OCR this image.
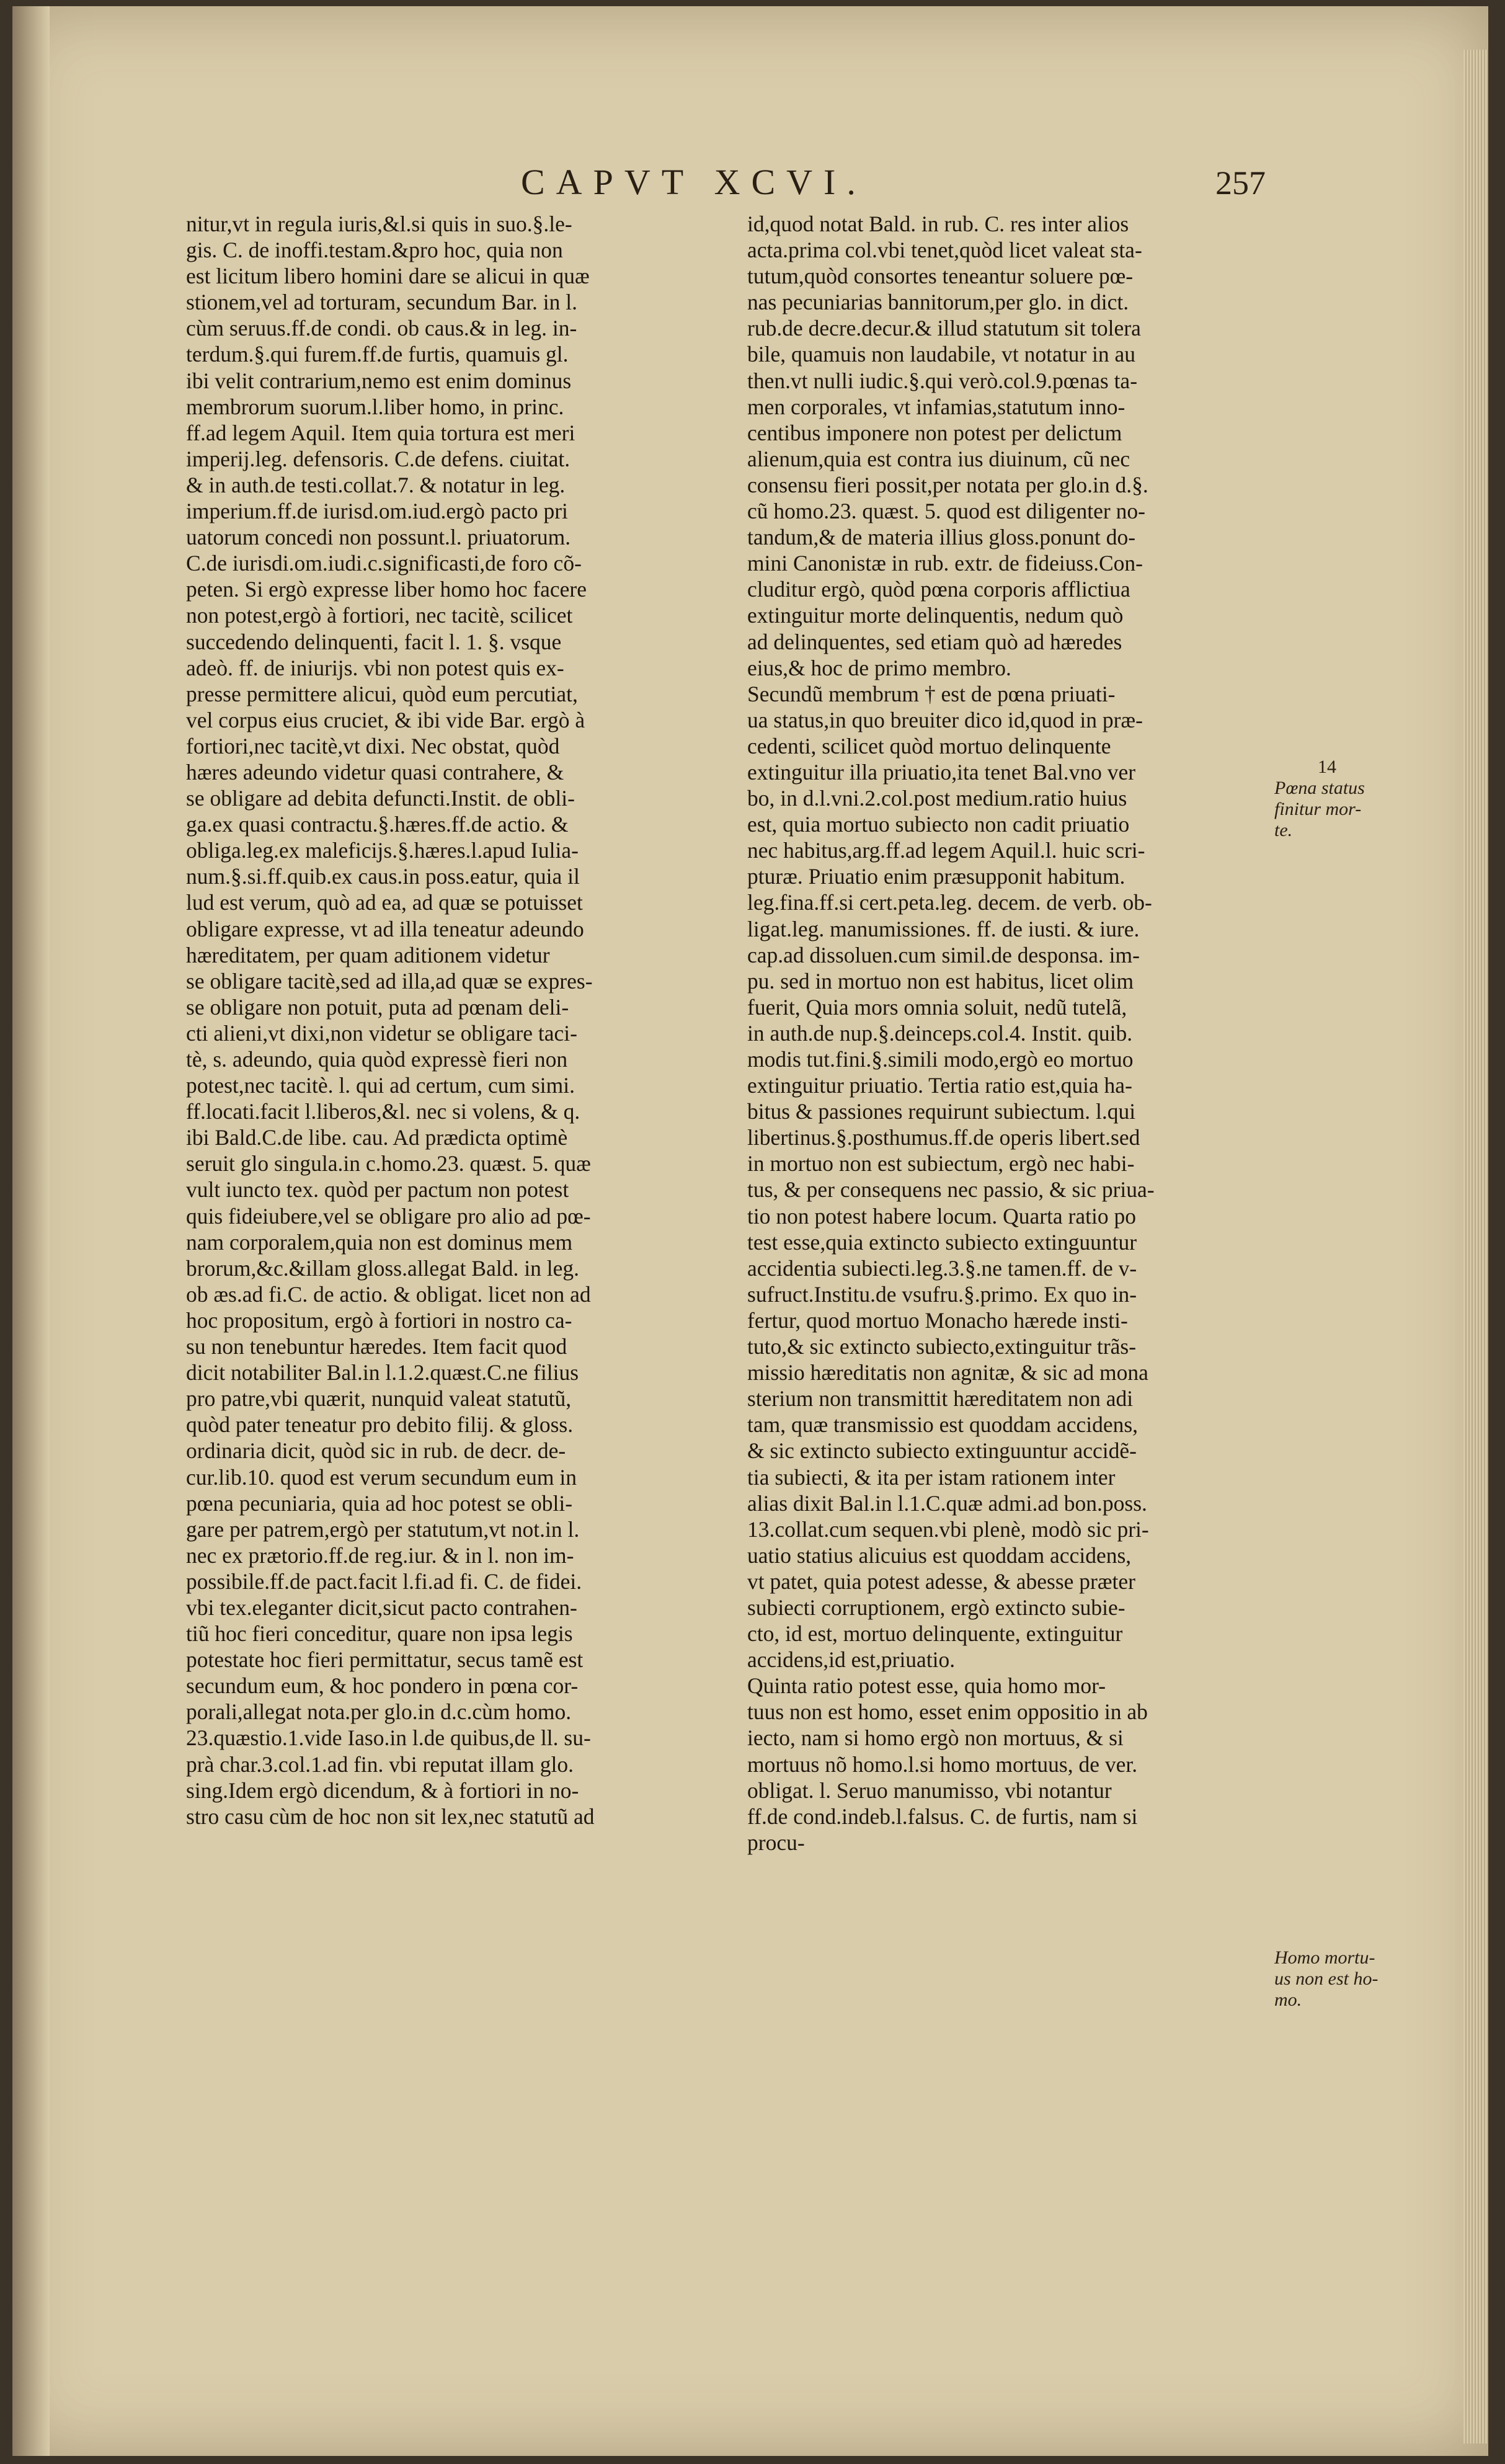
CAPVT XCVI.	257
nitur,vt in regula iuris,&l.si quis in suo.§.le-
gis. C. de inoffi.testam.&pro hoc, quia non
est licitum libero homini dare se alicui in quæ
stionem,vel ad torturam, secundum Bar. in l.
cùm seruus.ff.de condi. ob caus.& in leg. in-
terdum.§.qui furem.ff.de furtis, quamuis gl.
ibi velit contrarium,nemo est enim dominus
membrorum suorum.l.liber homo, in princ.
ff.ad legem Aquil. Item quia tortura est meri
imperij.leg. defensoris. C.de defens. ciuitat.
& in auth.de testi.collat.7. & notatur in leg.
imperium.ff.de iurisd.om.iud.ergò pacto pri
uatorum concedi non possunt.l. priuatorum.
C.de iurisdi.om.iudi.c.significasti,de foro cõ-
peten. Si ergò expresse liber homo hoc facere
non potest,ergò à fortiori, nec tacitè, scilicet
succedendo delinquenti, facit l. 1. §. vsque
adeò. ff. de iniurijs. vbi non potest quis ex-
presse permittere alicui, quòd eum percutiat,
vel corpus eius cruciet, & ibi vide Bar. ergò à
fortiori,nec tacitè,vt dixi. Nec obstat, quòd
hæres adeundo videtur quasi contrahere, &
se obligare ad debita defuncti.Instit. de obli-
ga.ex quasi contractu.§.hæres.ff.de actio. &
obliga.leg.ex maleficijs.§.hæres.l.apud Iulia-
num.§.si.ff.quib.ex caus.in poss.eatur, quia il
lud est verum, quò ad ea, ad quæ se potuisset
obligare expresse, vt ad illa teneatur adeundo
hæreditatem, per quam aditionem videtur
se obligare tacitè,sed ad illa,ad quæ se expres-
se obligare non potuit, puta ad pœnam deli-
cti alieni,vt dixi,non videtur se obligare taci-
tè, s. adeundo, quia quòd expressè fieri non
potest,nec tacitè. l. qui ad certum, cum simi.
ff.locati.facit l.liberos,&l. nec si volens, & q.
ibi Bald.C.de libe. cau. Ad prædicta optimè
seruit glo singula.in c.homo.23. quæst. 5. quæ
vult iuncto tex. quòd per pactum non potest
quis fideiubere,vel se obligare pro alio ad pœ-
nam corporalem,quia non est dominus mem
brorum,&c.&illam gloss.allegat Bald. in leg.
ob æs.ad fi.C. de actio. & obligat. licet non ad
hoc propositum, ergò à fortiori in nostro ca-
su non tenebuntur hæredes. Item facit quod
dicit notabiliter Bal.in l.1.2.quæst.C.ne filius
pro patre,vbi quærit, nunquid valeat statutũ,
quòd pater teneatur pro debito filij. & gloss.
ordinaria dicit, quòd sic in rub. de decr. de-
cur.lib.10. quod est verum secundum eum in
pœna pecuniaria, quia ad hoc potest se obli-
gare per patrem,ergò per statutum,vt not.in l.
nec ex prætorio.ff.de reg.iur. & in l. non im-
possibile.ff.de pact.facit l.fi.ad fi. C. de fidei.
vbi tex.eleganter dicit,sicut pacto contrahen-
tiũ hoc fieri conceditur, quare non ipsa legis
potestate hoc fieri permittatur, secus tamẽ est
secundum eum, & hoc pondero in pœna cor-
porali,allegat nota.per glo.in d.c.cùm homo.
23.quæstio.1.vide Iaso.in l.de quibus,de ll. su-
prà char.3.col.1.ad fin. vbi reputat illam glo.
sing.Idem ergò dicendum, & à fortiori in no-
stro casu cùm de hoc non sit lex,nec statutũ ad
id,quod notat Bald. in rub. C. res inter alios
acta.prima col.vbi tenet,quòd licet valeat sta-
tutum,quòd consortes teneantur soluere pœ-
nas pecuniarias bannitorum,per glo. in dict.
rub.de decre.decur.& illud statutum sit tolera
bile, quamuis non laudabile, vt notatur in au
then.vt nulli iudic.§.qui verò.col.9.pœnas ta-
men corporales, vt infamias,statutum inno-
centibus imponere non potest per delictum
alienum,quia est contra ius diuinum, cũ nec
consensu fieri possit,per notata per glo.in d.§.
cũ homo.23. quæst. 5. quod est diligenter no-
tandum,& de materia illius gloss.ponunt do-
mini Canonistæ in rub. extr. de fideiuss.Con-
cluditur ergò, quòd pœna corporis afflictiua
extinguitur morte delinquentis, nedum quò
ad delinquentes, sed etiam quò ad hæredes
eius,& hoc de primo membro.
Secundũ membrum † est de pœna priuati-
ua status,in quo breuiter dico id,quod in præ-
cedenti, scilicet quòd mortuo delinquente
extinguitur illa priuatio,ita tenet Bal.vno ver
bo, in d.l.vni.2.col.post medium.ratio huius
est, quia mortuo subiecto non cadit priuatio
nec habitus,arg.ff.ad legem Aquil.l. huic scri-
pturæ. Priuatio enim præsupponit habitum.
leg.fina.ff.si cert.peta.leg. decem. de verb. ob-
ligat.leg. manumissiones. ff. de iusti. & iure.
cap.ad dissoluen.cum simil.de desponsa. im-
pu. sed in mortuo non est habitus, licet olim
fuerit, Quia mors omnia soluit, nedũ tutelã,
in auth.de nup.§.deinceps.col.4. Instit. quib.
modis tut.fini.§.simili modo,ergò eo mortuo
extinguitur priuatio. Tertia ratio est,quia ha-
bitus & passiones requirunt subiectum. l.qui
libertinus.§.posthumus.ff.de operis libert.sed
in mortuo non est subiectum, ergò nec habi-
tus, & per consequens nec passio, & sic priua-
tio non potest habere locum. Quarta ratio po
test esse,quia extincto subiecto extinguuntur
accidentia subiecti.leg.3.§.ne tamen.ff. de v-
sufruct.Institu.de vsufru.§.primo. Ex quo in-
fertur, quod mortuo Monacho hærede insti-
tuto,& sic extincto subiecto,extinguitur trãs-
missio hæreditatis non agnitæ, & sic ad mona
sterium non transmittit hæreditatem non adi
tam, quæ transmissio est quoddam accidens,
& sic extincto subiecto extinguuntur accidẽ-
tia subiecti, & ita per istam rationem inter
alias dixit Bal.in l.1.C.quæ admi.ad bon.poss.
13.collat.cum sequen.vbi plenè, modò sic pri-
uatio statius alicuius est quoddam accidens,
vt patet, quia potest adesse, & abesse præter
subiecti corruptionem, ergò extincto subie-
cto, id est, mortuo delinquente, extinguitur
accidens,id est,priuatio.
Quinta ratio potest esse, quia homo mor-
tuus non est homo, esset enim oppositio in ab
iecto, nam si homo ergò non mortuus, & si
mortuus nõ homo.l.si homo mortuus, de ver.
obligat. l. Seruo manumisso, vbi notantur
ff.de cond.indeb.l.falsus. C. de furtis, nam si
procu-
14
Pœna status
finitur mor-
te.
Homo mortu-
us non est ho-
mo.
